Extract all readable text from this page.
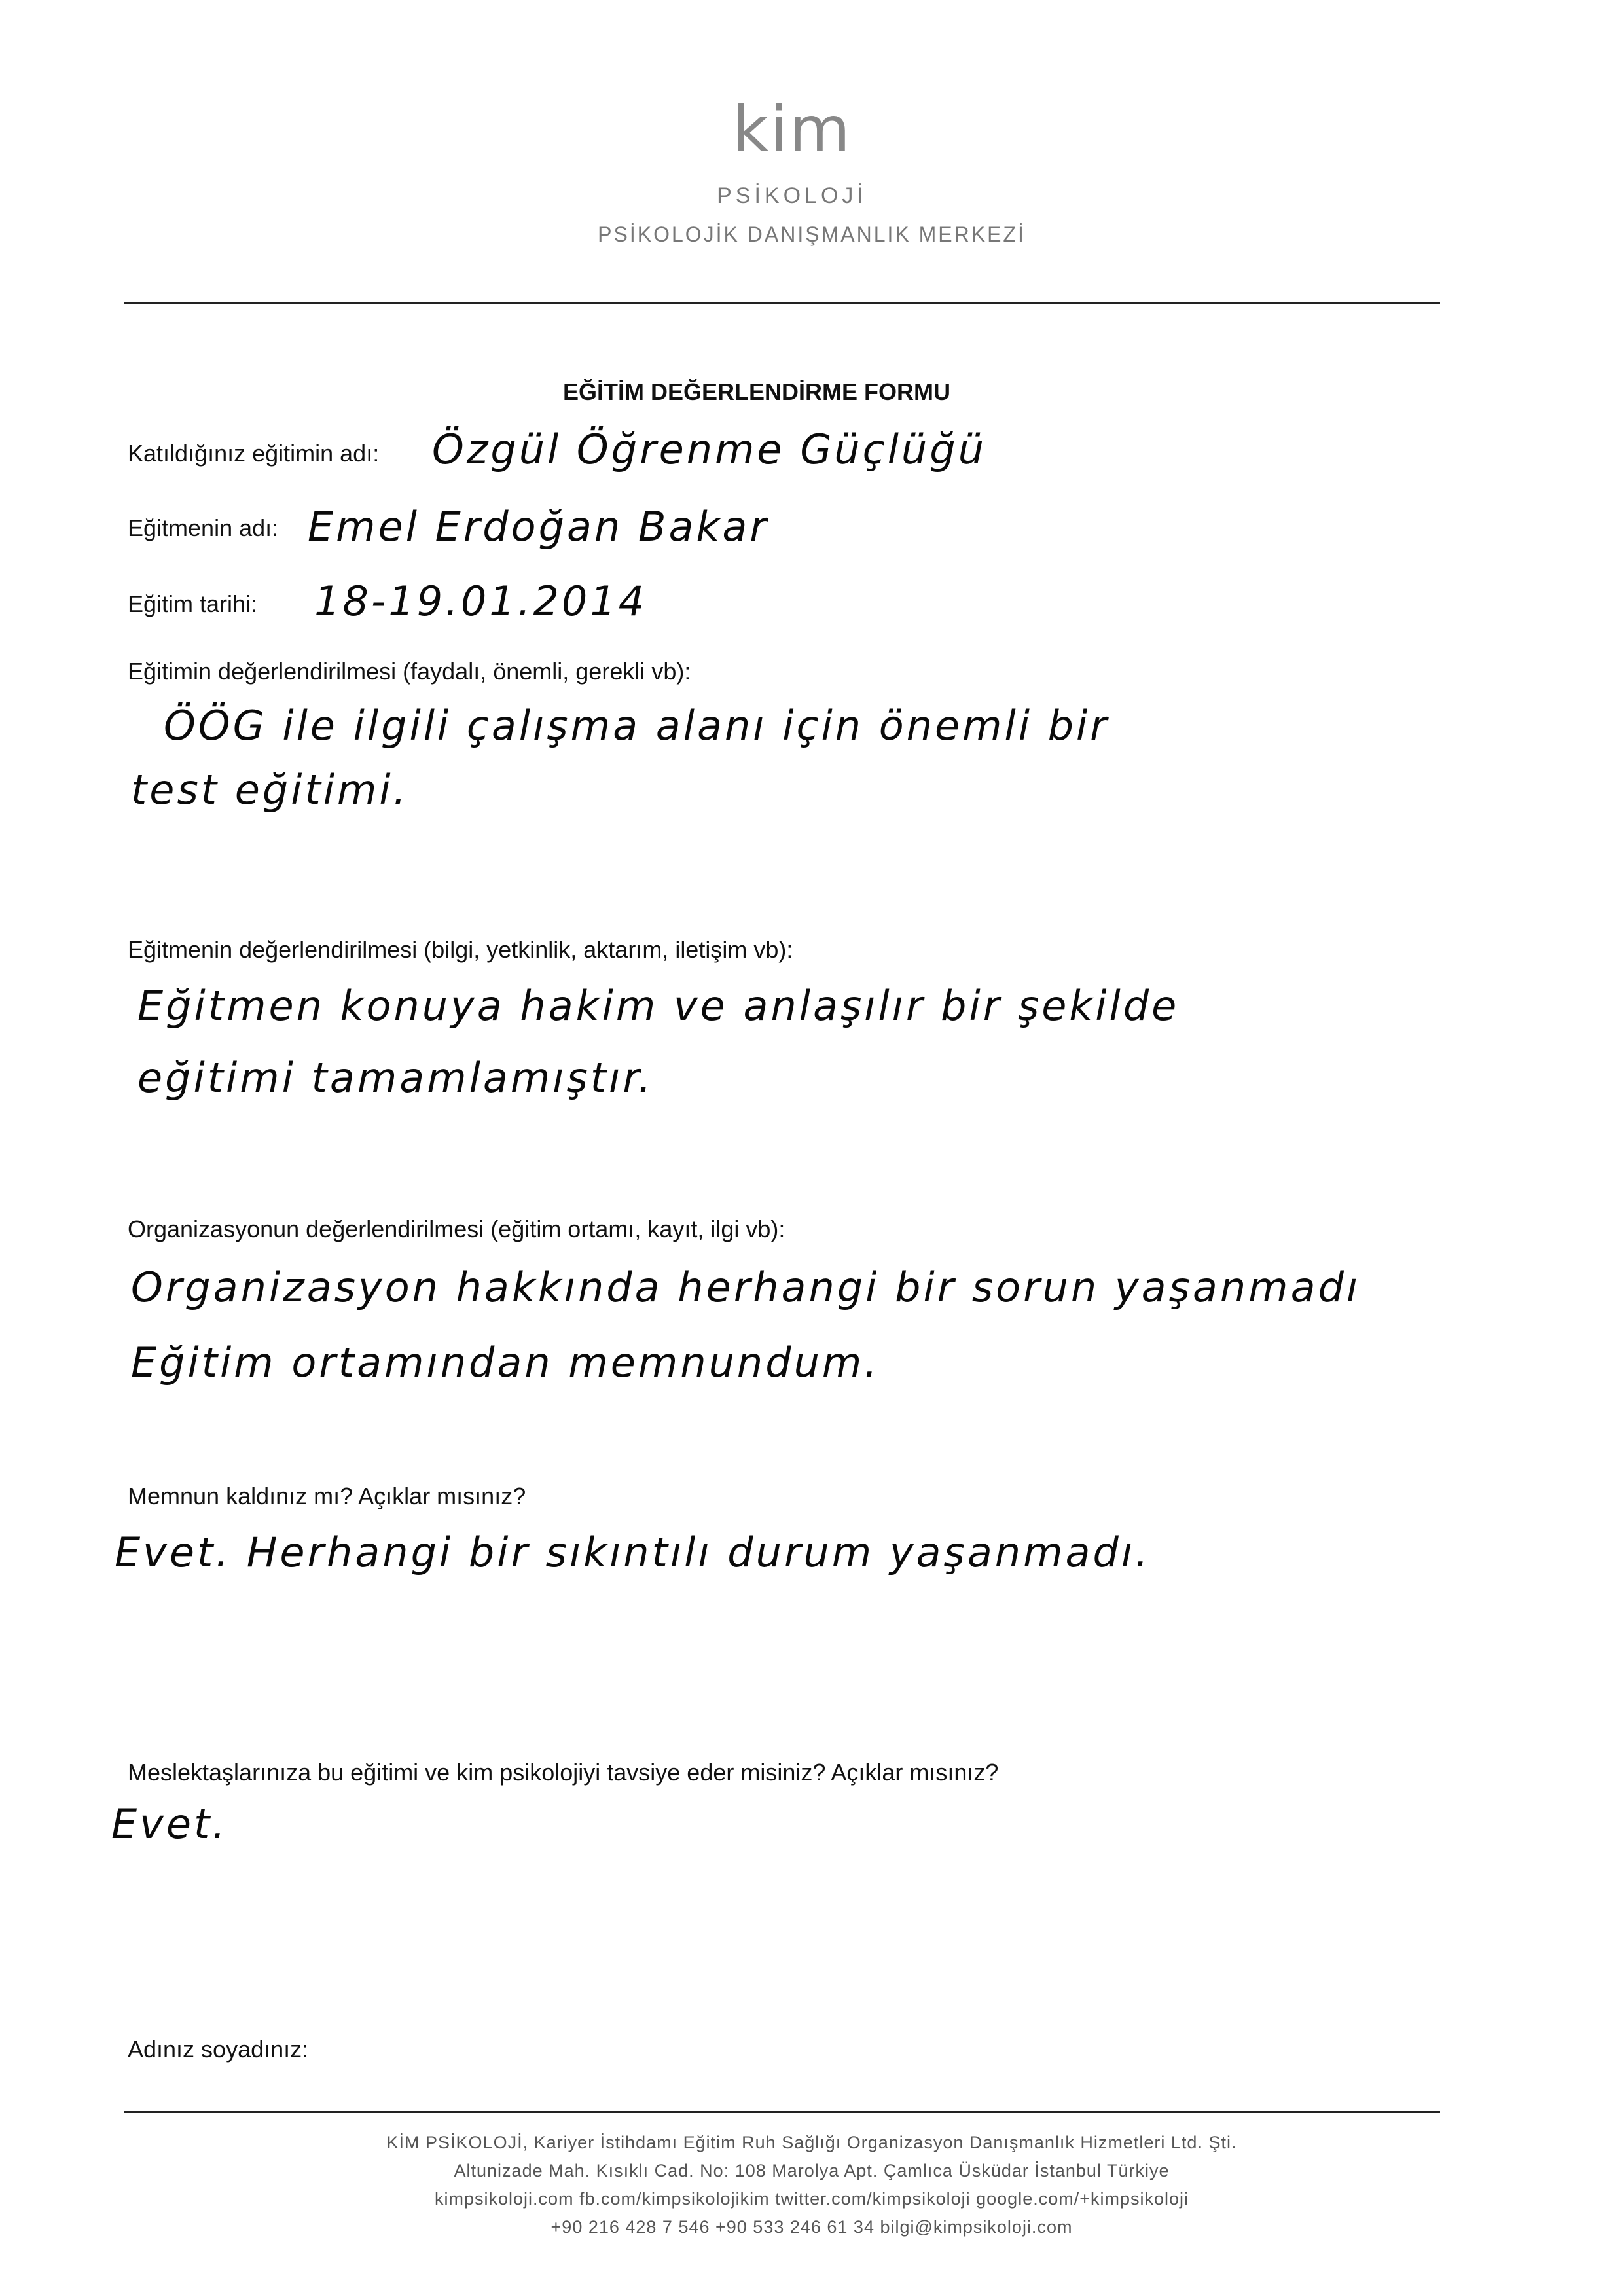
kim
PSİKOLOJİ
PSİKOLOJİK DANIŞMANLIK MERKEZİ
EĞİTİM DEĞERLENDİRME FORMU
Katıldığınız eğitimin adı: Özgül Öğrenme Güçlüğü
Eğitmenin adı: Emel Erdoğan Bakar
Eğitim tarihi: 18-19.01.2014
Eğitimin değerlendirilmesi (faydalı, önemli, gerekli vb):
ÖÖG ile ilgili çalışma alanı için önemli bir
test eğitimi.
Eğitmenin değerlendirilmesi (bilgi, yetkinlik, aktarım, iletişim vb):
Eğitmen konuya hakim ve anlaşılır bir şekilde
eğitimi tamamlamıştır.
Organizasyonun değerlendirilmesi (eğitim ortamı, kayıt, ilgi vb):
Organizasyon hakkında herhangi bir sorun yaşanmadı
Eğitim ortamından memnundum.
Memnun kaldınız mı? Açıklar mısınız?
Evet. Herhangi bir sıkıntılı durum yaşanmadı.
Meslektaşlarınıza bu eğitimi ve kim psikolojiyi tavsiye eder misiniz? Açıklar mısınız?
Evet.
Adınız soyadınız:
KİM PSİKOLOJİ, Kariyer İstihdamı Eğitim Ruh Sağlığı Organizasyon Danışmanlık Hizmetleri Ltd. Şti.
Altunizade Mah. Kısıklı Cad. No: 108 Marolya Apt. Çamlıca Üsküdar İstanbul Türkiye
kimpsikoloji.com fb.com/kimpsikolojikim twitter.com/kimpsikoloji google.com/+kimpsikoloji
+90 216 428 7 546 +90 533 246 61 34 bilgi@kimpsikoloji.com
